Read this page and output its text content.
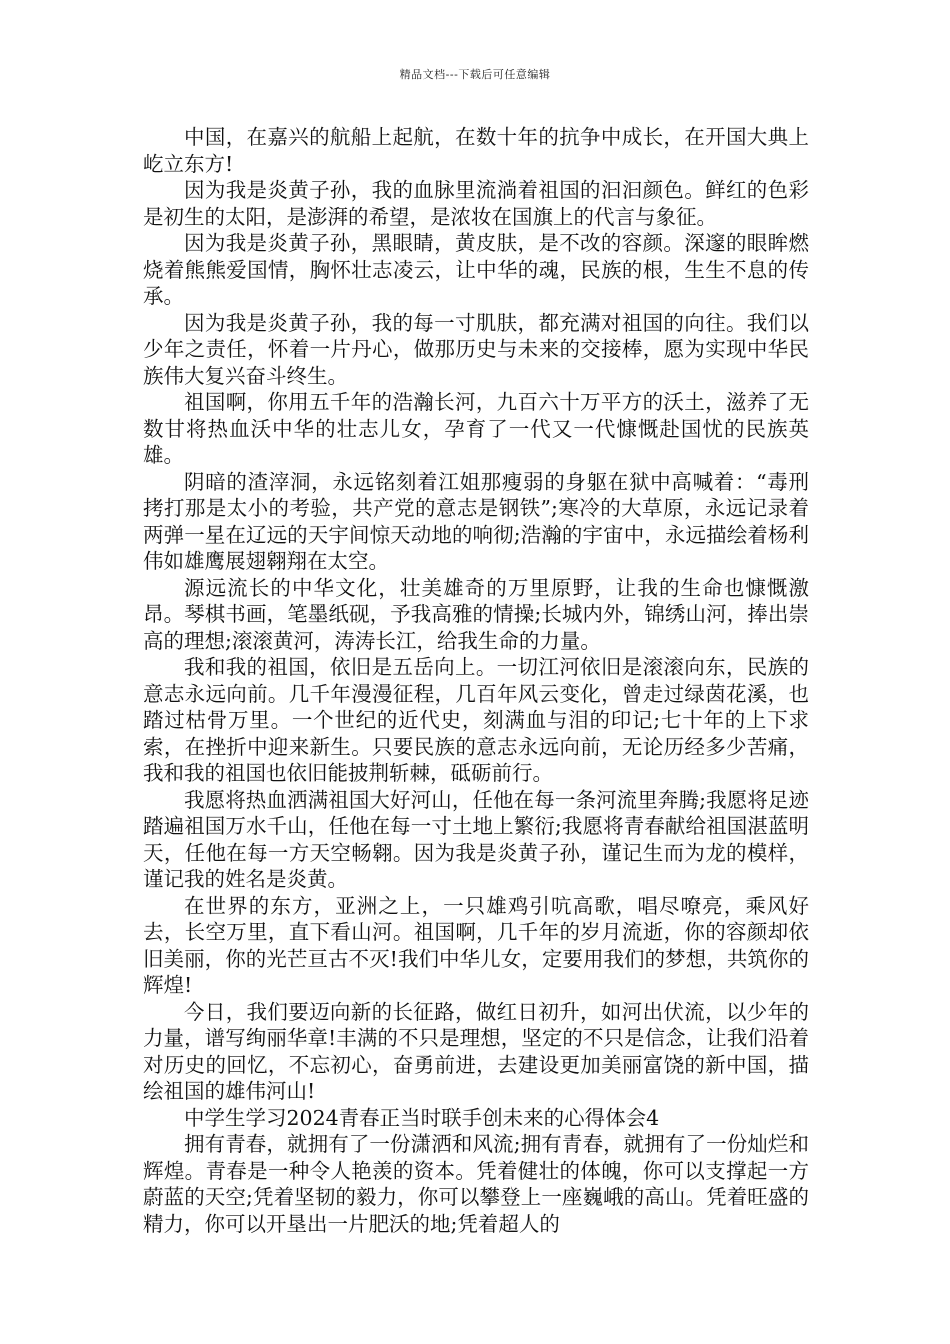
精品文档---下载后可任意编辑

中国，在嘉兴的航船上起航，在数十年的抗争中成长，在开国大典上屹立东方!

因为我是炎黄子孙，我的血脉里流淌着祖国的汩汩颜色。鲜红的色彩是初生的太阳，是澎湃的希望，是浓妆在国旗上的代言与象征。

因为我是炎黄子孙，黑眼睛，黄皮肤，是不改的容颜。深邃的眼眸燃烧着熊熊爱国情，胸怀壮志凌云，让中华的魂，民族的根，生生不息的传承。

因为我是炎黄子孙，我的每一寸肌肤，都充满对祖国的向往。我们以少年之责任，怀着一片丹心，做那历史与未来的交接棒，愿为实现中华民族伟大复兴奋斗终生。

祖国啊，你用五千年的浩瀚长河，九百六十万平方的沃土，滋养了无数甘将热血沃中华的壮志儿女，孕育了一代又一代慷慨赴国忧的民族英雄。

阴暗的渣滓洞，永远铭刻着江姐那瘦弱的身躯在狱中高喊着：“毒刑拷打那是太小的考验，共产党的意志是钢铁”;寒冷的大草原，永远记录着两弹一星在辽远的天宇间惊天动地的响彻;浩瀚的宇宙中，永远描绘着杨利伟如雄鹰展翅翱翔在太空。

源远流长的中华文化，壮美雄奇的万里原野，让我的生命也慷慨激昂。琴棋书画，笔墨纸砚，予我高雅的情操;长城内外，锦绣山河，捧出崇高的理想;滚滚黄河，涛涛长江，给我生命的力量。

我和我的祖国，依旧是五岳向上。一切江河依旧是滚滚向东，民族的意志永远向前。几千年漫漫征程，几百年风云变化，曾走过绿茵花溪，也踏过枯骨万里。一个世纪的近代史，刻满血与泪的印记;七十年的上下求索，在挫折中迎来新生。只要民族的意志永远向前，无论历经多少苦痛，我和我的祖国也依旧能披荆斩棘，砥砺前行。

我愿将热血洒满祖国大好河山，任他在每一条河流里奔腾;我愿将足迹踏遍祖国万水千山，任他在每一寸土地上繁衍;我愿将青春献给祖国湛蓝明天，任他在每一方天空畅翱。因为我是炎黄子孙，谨记生而为龙的模样，谨记我的姓名是炎黄。

在世界的东方，亚洲之上，一只雄鸡引吭高歌，唱尽嘹亮，乘风好去，长空万里，直下看山河。祖国啊，几千年的岁月流逝，你的容颜却依旧美丽，你的光芒亘古不灭!我们中华儿女，定要用我们的梦想，共筑你的辉煌!

今日，我们要迈向新的长征路，做红日初升，如河出伏流，以少年的力量，谱写绚丽华章!丰满的不只是理想，坚定的不只是信念，让我们沿着对历史的回忆，不忘初心，奋勇前进，去建设更加美丽富饶的新中国，描绘祖国的雄伟河山!

中学生学习2024青春正当时联手创未来的心得体会4

拥有青春，就拥有了一份潇洒和风流;拥有青春，就拥有了一份灿烂和辉煌。青春是一种令人艳羡的资本。凭着健壮的体魄，你可以支撑起一方蔚蓝的天空;凭着坚韧的毅力，你可以攀登上一座巍峨的高山。凭着旺盛的精力，你可以开垦出一片肥沃的地;凭着超人的
